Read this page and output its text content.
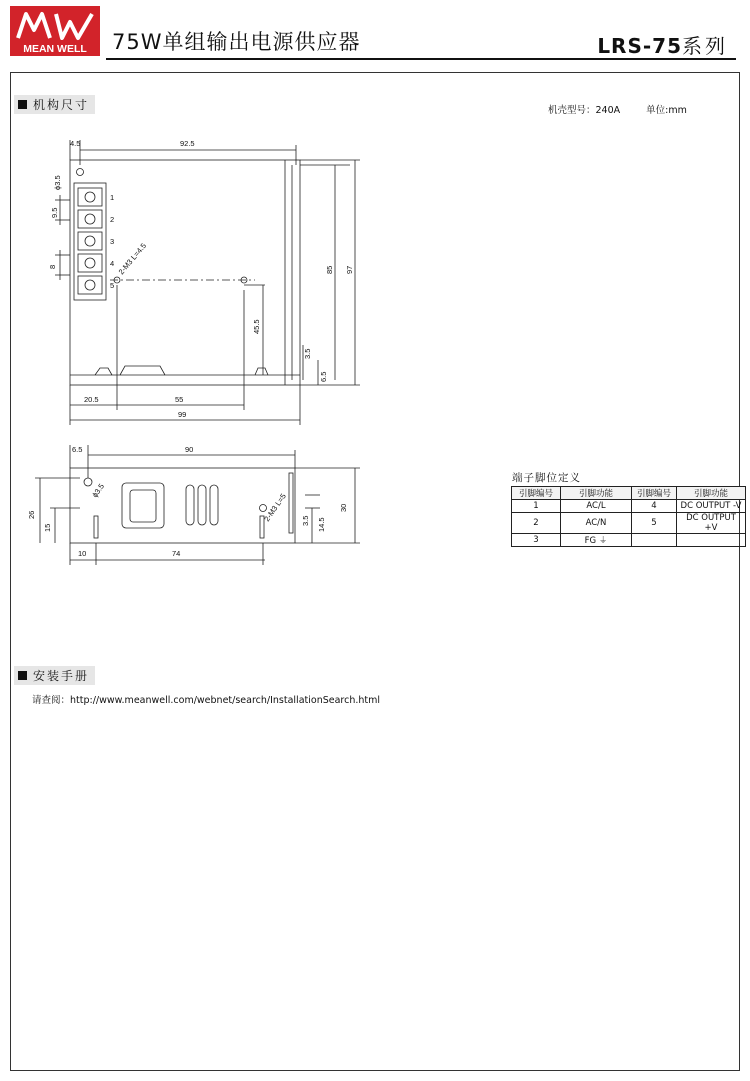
MEAN WELL 75W单组输出电源供应器	LRS-75系列
机构尺寸	机壳型号：240A	单位:mm
4.5	92.5
ϕ3.5
9.5
8
1
2
3
4
5
2-M3 L=4.5	85 97
45.5
3.5
6.5
20.5	55
99
6.5	90
ϕ3.5
26
15
2-M3 L=5 3.5 14.5
30
10	74
端子脚位定义
引脚编号	引脚功能	引脚编号	引脚功能
1	AC/L	4	DC OUTPUT -V
2	AC/N	5	DC OUTPUT +V
3	FG ⏚		
安装手册
请查阅：http://www.meanwell.com/webnet/search/InstallationSearch.html
